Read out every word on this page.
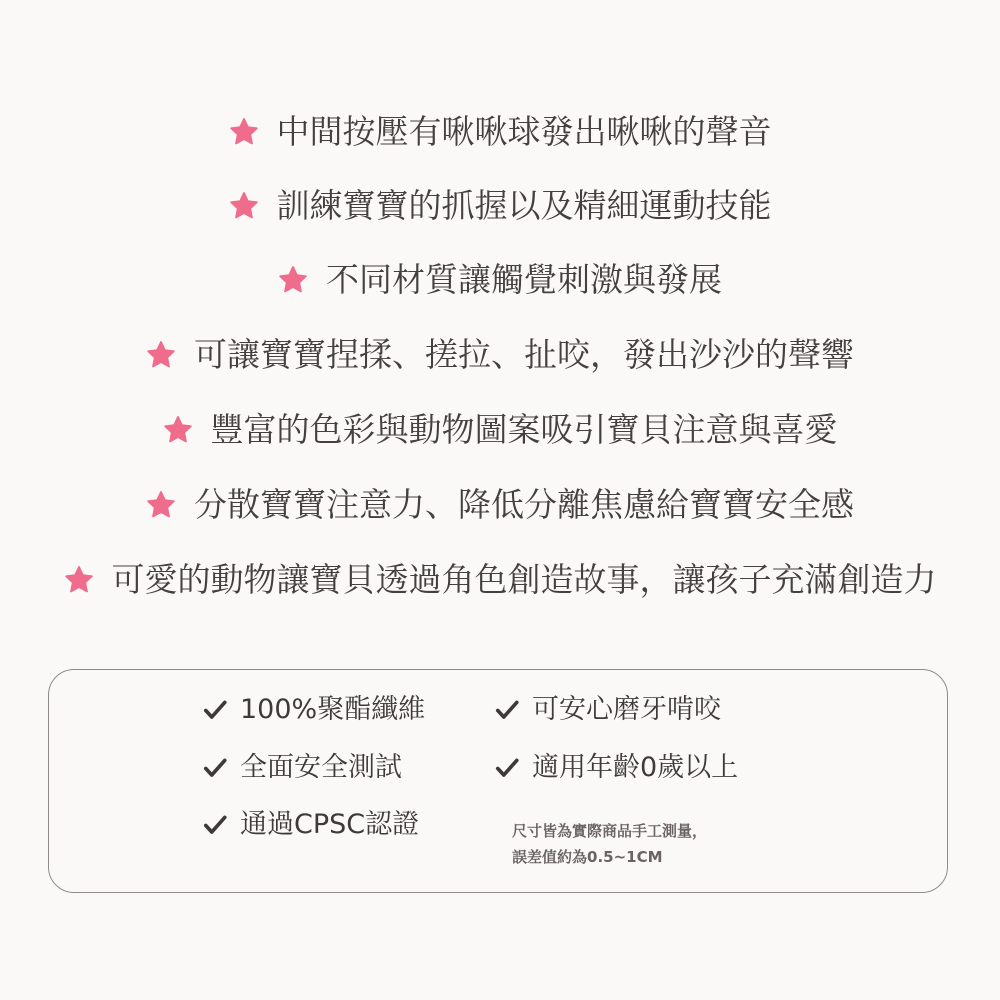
中間按壓有啾啾球發出啾啾的聲音
訓練寶寶的抓握以及精細運動技能
不同材質讓觸覺刺激與發展
可讓寶寶捏揉、搓拉、扯咬，發出沙沙的聲響
豐富的色彩與動物圖案吸引寶貝注意與喜愛
分散寶寶注意力、降低分離焦慮給寶寶安全感
可愛的動物讓寶貝透過角色創造故事，讓孩子充滿創造力
100%聚酯纖維
全面安全測試
通過CPSC認證
可安心磨牙啃咬
適用年齡0歲以上
尺寸皆為實際商品手工測量，
誤差值約為0.5~1CM
